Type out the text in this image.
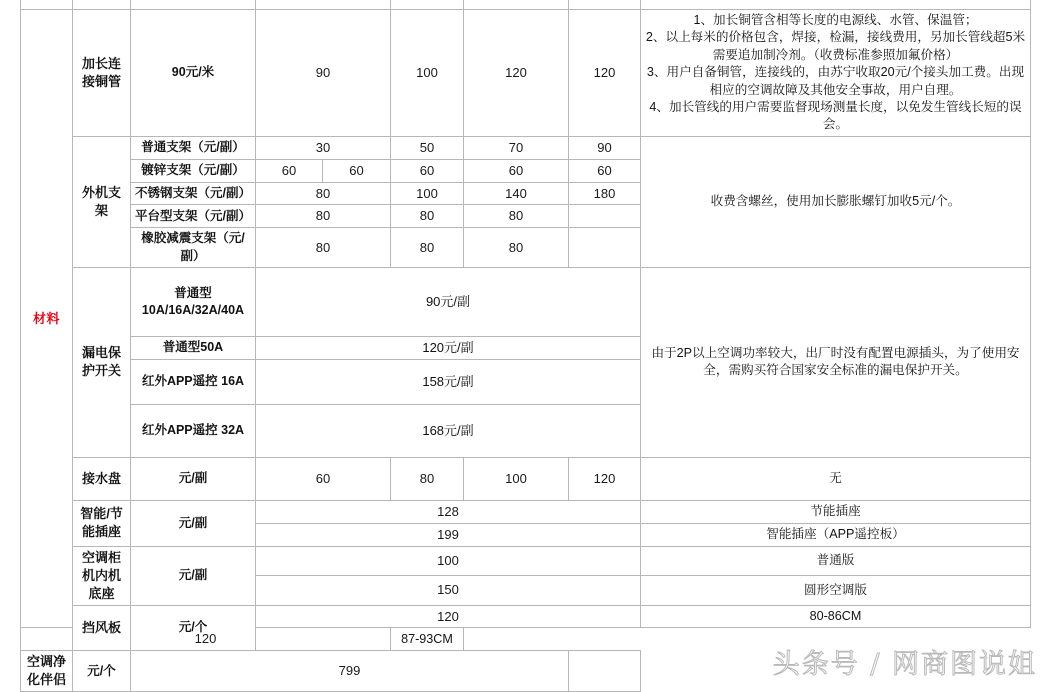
材料	加长连接铜管	90元/米	90		100	120	120	1、加长铜管含相等长度的电源线、水管、保温管；
2、以上每米的价格包含，焊接，检漏，接线费用，另加长管线超5米需要追加制冷剂。（收费标准参照加氟价格）
3、用户自备铜管，连接线的，由苏宁收取20元/个接头加工费。出现相应的空调故障及其他安全事故，用户自理。
4、加长管线的用户需要监督现场测量长度，以免发生管线长短的误会。

	外机支架	普通支架（元/副）	30		50	70	90	收费含螺丝，使用加长膨胀螺钉加收5元/个。
		镀锌支架（元/副）	60	60	60	60	60	
		不锈钢支架（元/副）	80		100	140	180	
		平台型支架（元/副）	80		80	80		
		橡胶减震支架（元/副）	80		80	80		
	漏电保护开关	普通型10A/16A/32A/40A	90元/副					由于2P以上空调功率较大，出厂时没有配置电源插头，为了使用安全，需购买符合国家安全标准的漏电保护开关。
		普通型50A	120元/副					
		红外APP遥控 16A	158元/副					
		红外APP遥控 32A	168元/副					
	接水盘	元/副	60		80	100	120	无
	智能/节能插座	元/副	128					节能插座
			199					智能插座（APP遥控板）
	空调柜机内机底座	元/副	100					普通版
			150					圆形空调版
	挡风板	元/个	120					80-86CM
120					87-93CM			
空调净化伴侣	元/个	799							头条号 / 网商图说姐
